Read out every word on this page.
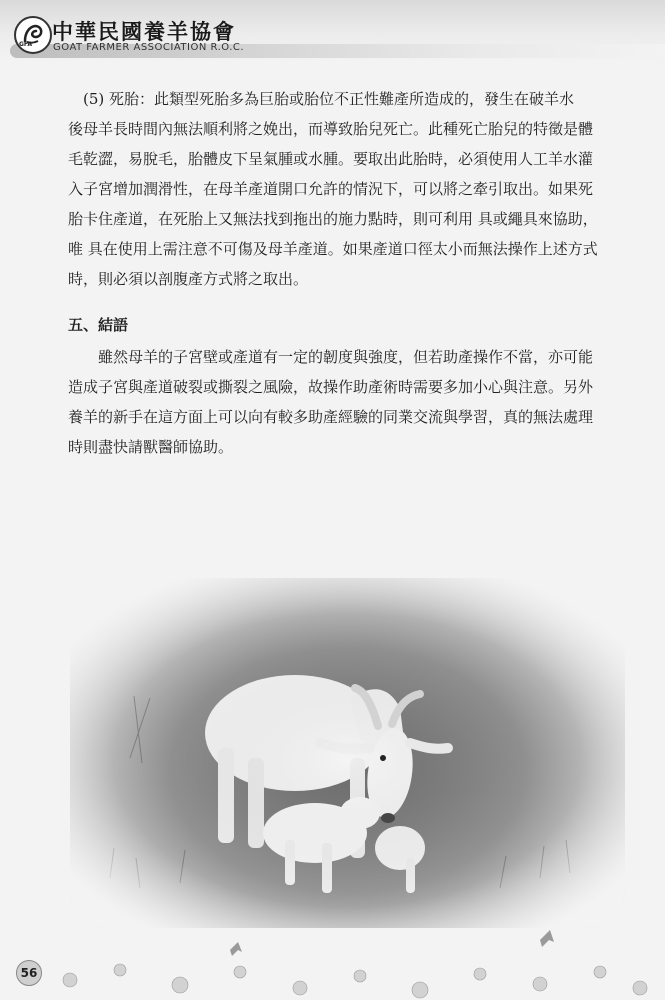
GFA
中華民國養羊協會
GOAT FARMER ASSOCIATION R.O.C.
　(5) 死胎：此類型死胎多為巨胎或胎位不正性難產所造成的，發生在破羊水
後母羊長時間內無法順利將之娩出，而導致胎兒死亡。此種死亡胎兒的特徵是體
毛乾澀，易脫毛，胎體皮下呈氣腫或水腫。要取出此胎時，必須使用人工羊水灌
入子宮增加潤滑性，在母羊產道開口允許的情況下，可以將之牽引取出。如果死
胎卡住產道，在死胎上又無法找到拖出的施力點時，則可利用 具或繩具來協助，
唯 具在使用上需注意不可傷及母羊產道。如果產道口徑太小而無法操作上述方式
時，則必須以剖腹產方式將之取出。
五、結語
　　雖然母羊的子宮壁或產道有一定的韌度與強度，但若助產操作不當，亦可能
造成子宮與產道破裂或撕裂之風險，故操作助產術時需要多加小心與注意。另外
養羊的新手在這方面上可以向有較多助產經驗的同業交流與學習，真的無法處理
時則盡快請獸醫師協助。
56
